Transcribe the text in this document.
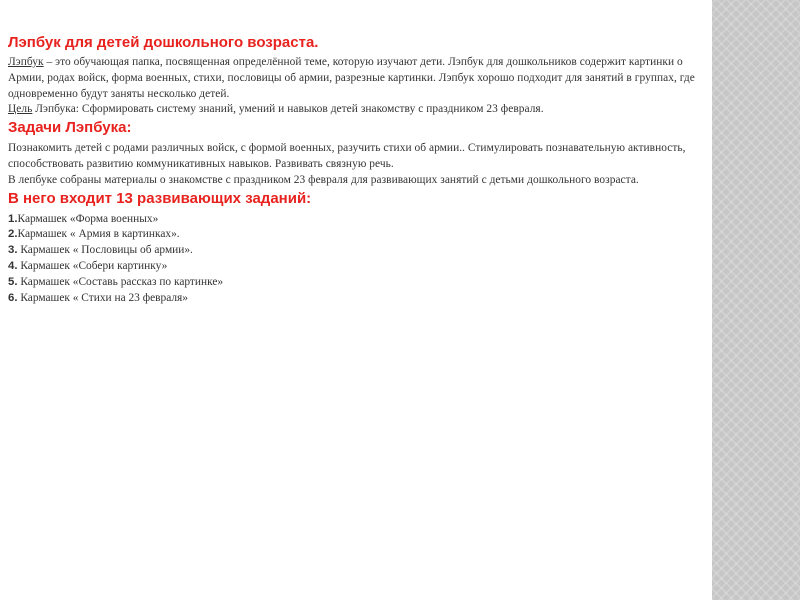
Лэпбук для детей дошкольного возраста.

Лэпбук – это обучающая папка, посвященная определённой теме, которую изучают дети. Лэпбук для дошкольников содержит картинки о Армии, родах войск, форма военных, стихи, пословицы об армии, разрезные картинки. Лэпбук хорошо подходит для занятий в группах, где одновременно будут заняты несколько детей.

Цель Лэпбука: Сформировать систему знаний, умений и навыков детей знакомству с праздником 23 февраля.

Задачи Лэпбука:

Познакомить детей с родами различных войск, с формой военных, разучить стихи об армии.. Стимулировать познавательную активность, способствовать развитию коммуникативных навыков. Развивать связную речь.

В лепбуке собраны материалы о знакомстве с праздником 23 февраля для развивающих занятий с детьми дошкольного возраста.

В него входит 13 развивающих заданий:

1.Кармашек «Форма военных»
2.Кармашек « Армия в картинках».
3. Кармашек « Пословицы об армии».
4. Кармашек «Собери картинку»
5. Кармашек «Составь рассказ по картинке»
6. Кармашек « Стихи на 23 февраля»
